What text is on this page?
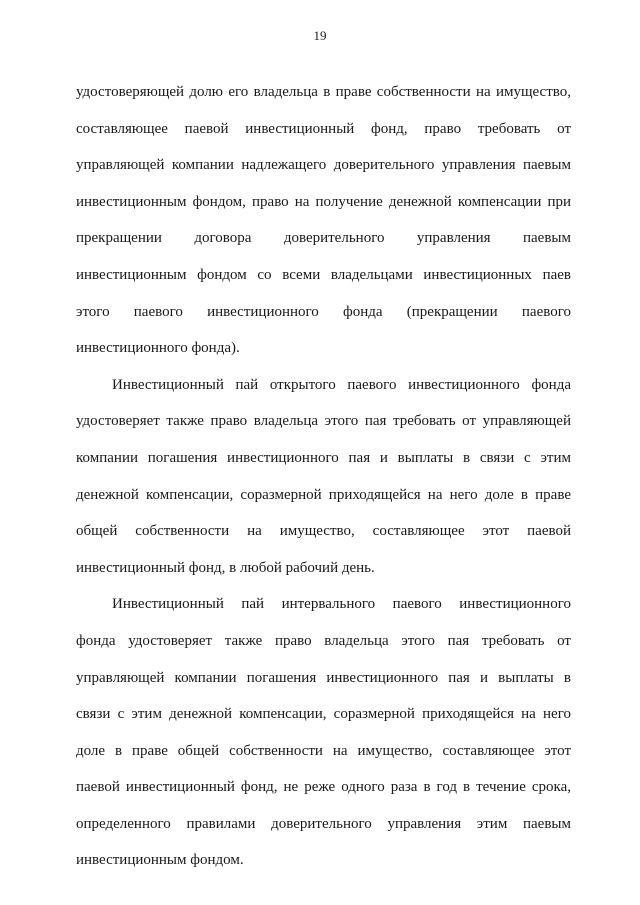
19
удостоверяющей долю его владельца в праве собственности на имущество,
составляющее паевой инвестиционный фонд, право требовать от
управляющей компании надлежащего доверительного управления паевым
инвестиционным фондом, право на получение денежной компенсации при
прекращении договора доверительного управления паевым
инвестиционным фондом со всеми владельцами инвестиционных паев
этого паевого инвестиционного фонда (прекращении паевого
инвестиционного фонда).
Инвестиционный пай открытого паевого инвестиционного фонда
удостоверяет также право владельца этого пая требовать от управляющей
компании погашения инвестиционного пая и выплаты в связи с этим
денежной компенсации, соразмерной приходящейся на него доле в праве
общей собственности на имущество, составляющее этот паевой
инвестиционный фонд, в любой рабочий день.
Инвестиционный пай интервального паевого инвестиционного
фонда удостоверяет также право владельца этого пая требовать от
управляющей компании погашения инвестиционного пая и выплаты в
связи с этим денежной компенсации, соразмерной приходящейся на него
доле в праве общей собственности на имущество, составляющее этот
паевой инвестиционный фонд, не реже одного раза в год в течение срока,
определенного правилами доверительного управления этим паевым
инвестиционным фондом.
